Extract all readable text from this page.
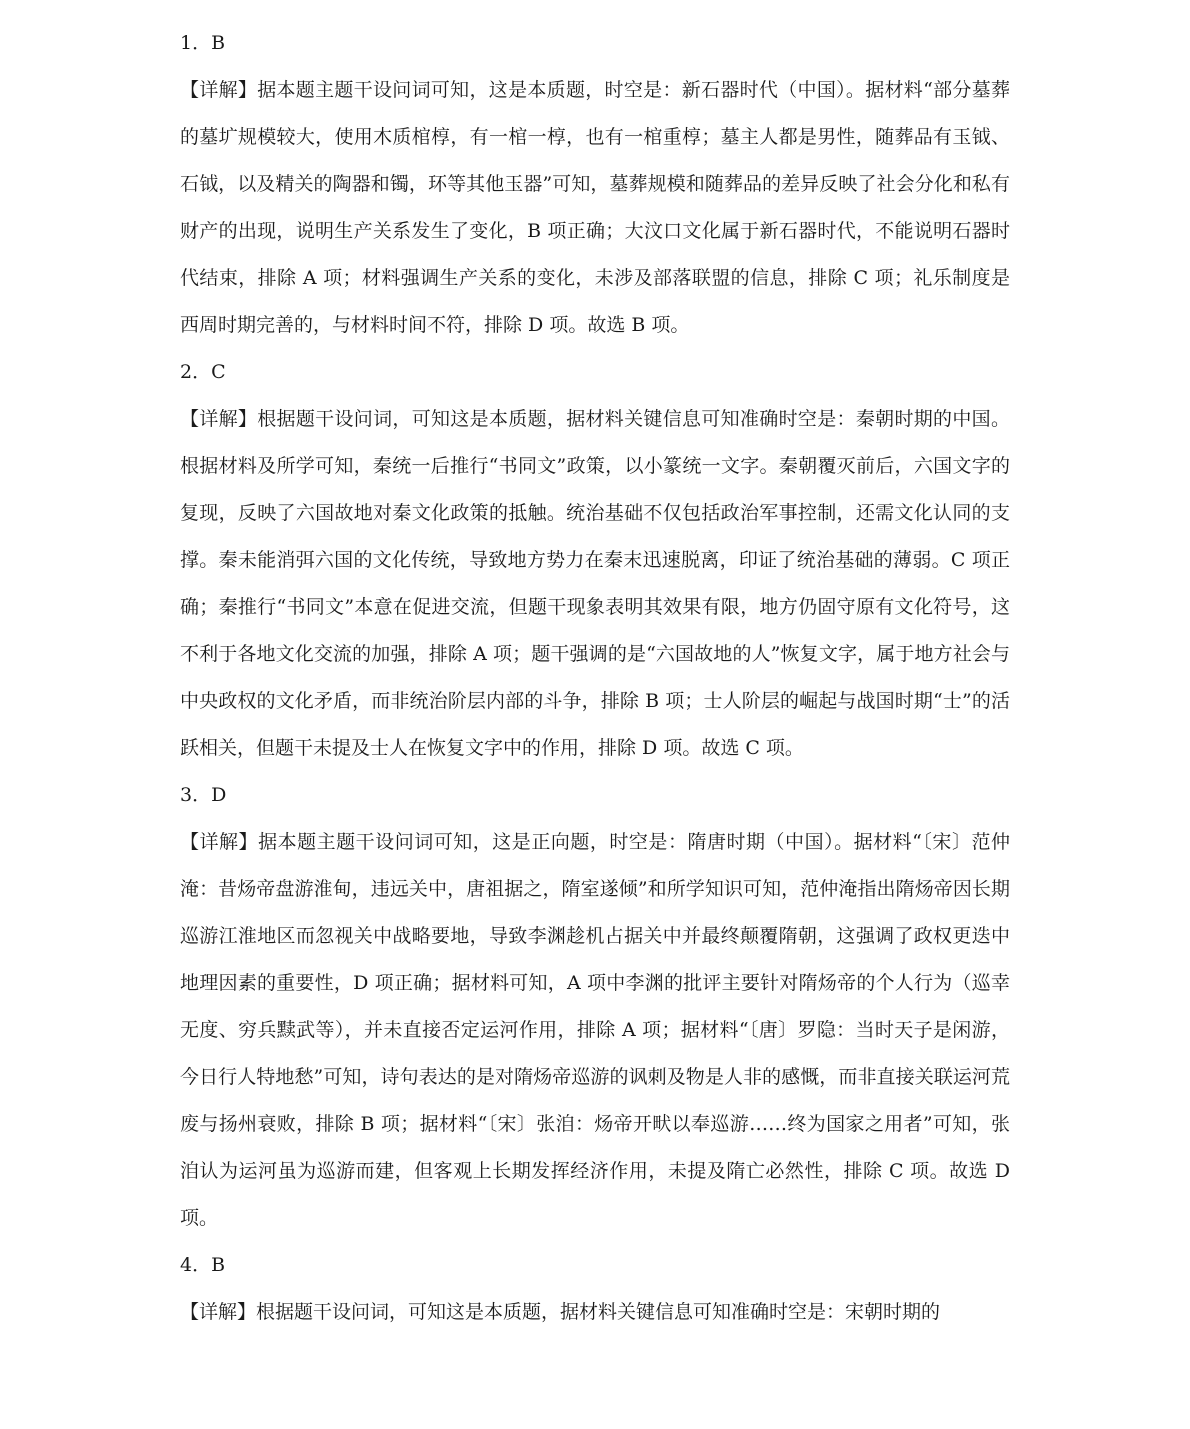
1．B

【详解】据本题主题干设问词可知，这是本质题，时空是：新石器时代（中国）。据材料“部分墓葬的墓圹规模较大，使用木质棺椁，有一棺一椁，也有一棺重椁；墓主人都是男性，随葬品有玉钺、石钺，以及精关的陶器和镯，环等其他玉器”可知，墓葬规模和随葬品的差异反映了社会分化和私有财产的出现，说明生产关系发生了变化，B 项正确；大汶口文化属于新石器时代，不能说明石器时代结束，排除 A 项；材料强调生产关系的变化，未涉及部落联盟的信息，排除 C 项；礼乐制度是西周时期完善的，与材料时间不符，排除 D 项。故选 B 项。

2．C

【详解】根据题干设问词，可知这是本质题，据材料关键信息可知准确时空是：秦朝时期的中国。根据材料及所学可知，秦统一后推行“书同文”政策，以小篆统一文字。秦朝覆灭前后，六国文字的复现，反映了六国故地对秦文化政策的抵触。统治基础不仅包括政治军事控制，还需文化认同的支撑。秦未能消弭六国的文化传统，导致地方势力在秦末迅速脱离，印证了统治基础的薄弱。C 项正确；秦推行“书同文”本意在促进交流，但题干现象表明其效果有限，地方仍固守原有文化符号，这不利于各地文化交流的加强，排除 A 项；题干强调的是“六国故地的人”恢复文字，属于地方社会与中央政权的文化矛盾，而非统治阶层内部的斗争，排除 B 项；士人阶层的崛起与战国时期“士”的活跃相关，但题干未提及士人在恢复文字中的作用，排除 D 项。故选 C 项。

3．D

【详解】据本题主题干设问词可知，这是正向题，时空是：隋唐时期（中国）。据材料“〔宋〕范仲淹：昔炀帝盘游淮甸，违远关中，唐祖据之，隋室遂倾”和所学知识可知，范仲淹指出隋炀帝因长期巡游江淮地区而忽视关中战略要地，导致李渊趁机占据关中并最终颠覆隋朝，这强调了政权更迭中地理因素的重要性，D 项正确；据材料可知，A 项中李渊的批评主要针对隋炀帝的个人行为（巡幸无度、穷兵黩武等），并未直接否定运河作用，排除 A 项；据材料“〔唐〕罗隐：当时天子是闲游，今日行人特地愁”可知，诗句表达的是对隋炀帝巡游的讽刺及物是人非的感慨，而非直接关联运河荒废与扬州衰败，排除 B 项；据材料“〔宋〕张洎：炀帝开畎以奉巡游……终为国家之用者”可知，张洎认为运河虽为巡游而建，但客观上长期发挥经济作用，未提及隋亡必然性，排除 C 项。故选 D 项。

4．B

【详解】根据题干设问词，可知这是本质题，据材料关键信息可知准确时空是：宋朝时期的
